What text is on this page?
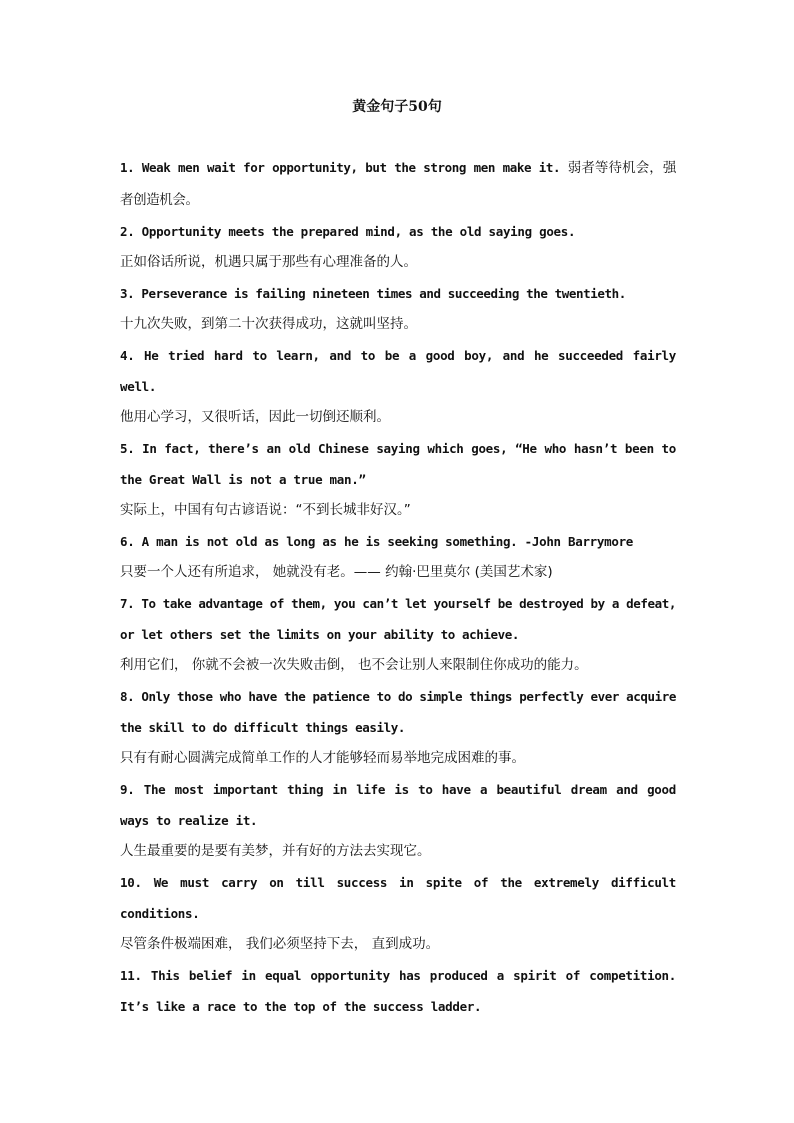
黄金句子50句

1. Weak men wait for opportunity, but the strong men make it. 弱者等待机会，强者创造机会。

2. Opportunity meets the prepared mind, as the old saying goes.

正如俗话所说，机遇只属于那些有心理准备的人。

3. Perseverance is failing nineteen times and succeeding the twentieth.

十九次失败，到第二十次获得成功，这就叫坚持。

4. He tried hard to learn, and to be a good boy, and he succeeded fairly well.

他用心学习，又很听话，因此一切倒还顺利。

5. In fact, there’s an old Chinese saying which goes, “He who hasn’t been to the Great Wall is not a true man.”

实际上，中国有句古谚语说：“不到长城非好汉。”

6. A man is not old as long as he is seeking something. -John Barrymore

只要一个人还有所追求， 她就没有老。—— 约翰·巴里莫尔 (美国艺术家)

7. To take advantage of them, you can’t let yourself be destroyed by a defeat, or let others set the limits on your ability to achieve.

利用它们， 你就不会被一次失败击倒， 也不会让别人来限制住你成功的能力。

8. Only those who have the patience to do simple things perfectly ever acquire the skill to do difficult things easily.

只有有耐心圆满完成简单工作的人才能够轻而易举地完成困难的事。

9. The most important thing in life is to have a beautiful dream and good ways to realize it.

人生最重要的是要有美梦，并有好的方法去实现它。

10. We must carry on till success in spite of the extremely difficult conditions.

尽管条件极端困难， 我们必须坚持下去， 直到成功。

11. This belief in equal opportunity has produced a spirit of competition. It’s like a race to the top of the success ladder.
